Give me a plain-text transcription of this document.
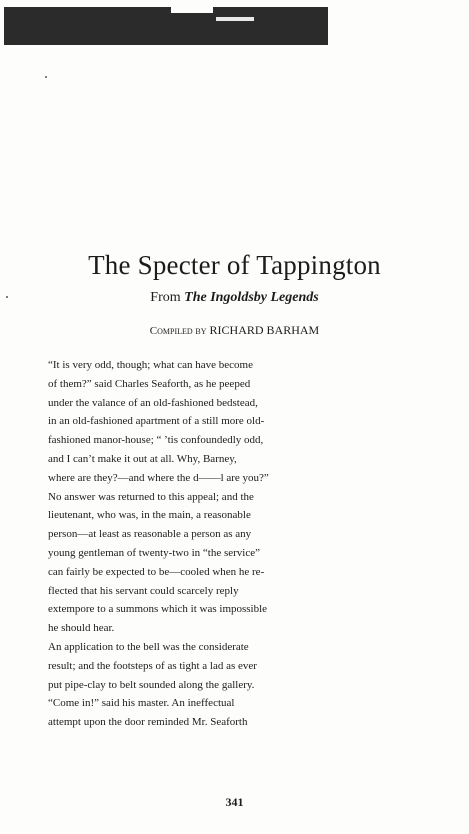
The Specter of Tappington
From The Ingoldsby Legends
Compiled by RICHARD BARHAM

“It is very odd, though; what can have become
of them?” said Charles Seaforth, as he peeped
under the valance of an old-fashioned bedstead,
in an old-fashioned apartment of a still more old-
fashioned manor-house; “ ’tis confoundedly odd,
and I can’t make it out at all. Why, Barney,
where are they?—and where the d——l are you?”

No answer was returned to this appeal; and the
lieutenant, who was, in the main, a reasonable
person—at least as reasonable a person as any
young gentleman of twenty-two in “the service”
can fairly be expected to be—cooled when he re-
flected that his servant could scarcely reply
extempore to a summons which it was impossible
he should hear.

An application to the bell was the considerate
result; and the footsteps of as tight a lad as ever
put pipe-clay to belt sounded along the gallery.

“Come in!” said his master. An ineffectual
attempt upon the door reminded Mr. Seaforth

341
